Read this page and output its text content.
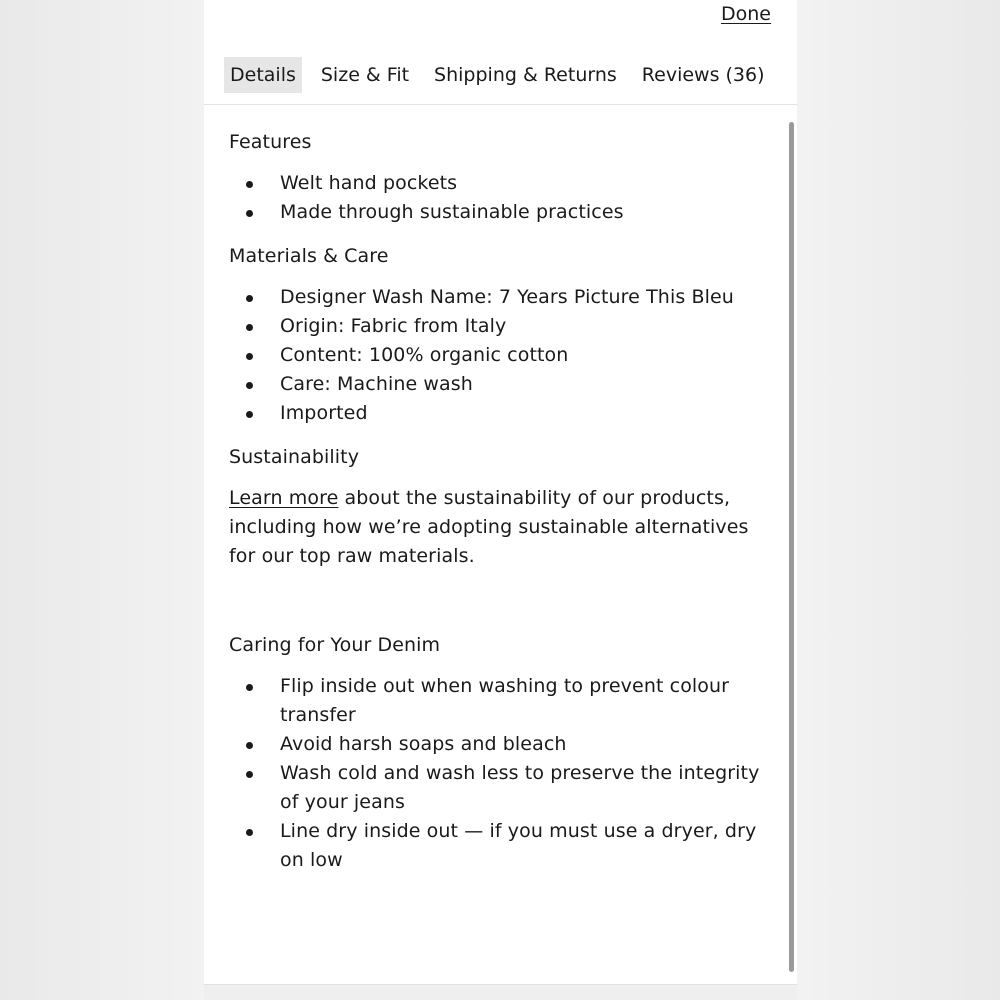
Done
Details	Size & Fit	Shipping & Returns	Reviews (36)
Features
Welt hand pockets
Made through sustainable practices
Materials & Care
Designer Wash Name: 7 Years Picture This Bleu
Origin: Fabric from Italy
Content: 100% organic cotton
Care: Machine wash
Imported
Sustainability

Learn more about the sustainability of our products, including how we’re adopting sustainable alternatives for our top raw materials.

Caring for Your Denim
Flip inside out when washing to prevent colour transfer
Avoid harsh soaps and bleach
Wash cold and wash less to preserve the integrity of your jeans
Line dry inside out — if you must use a dryer, dry on low
